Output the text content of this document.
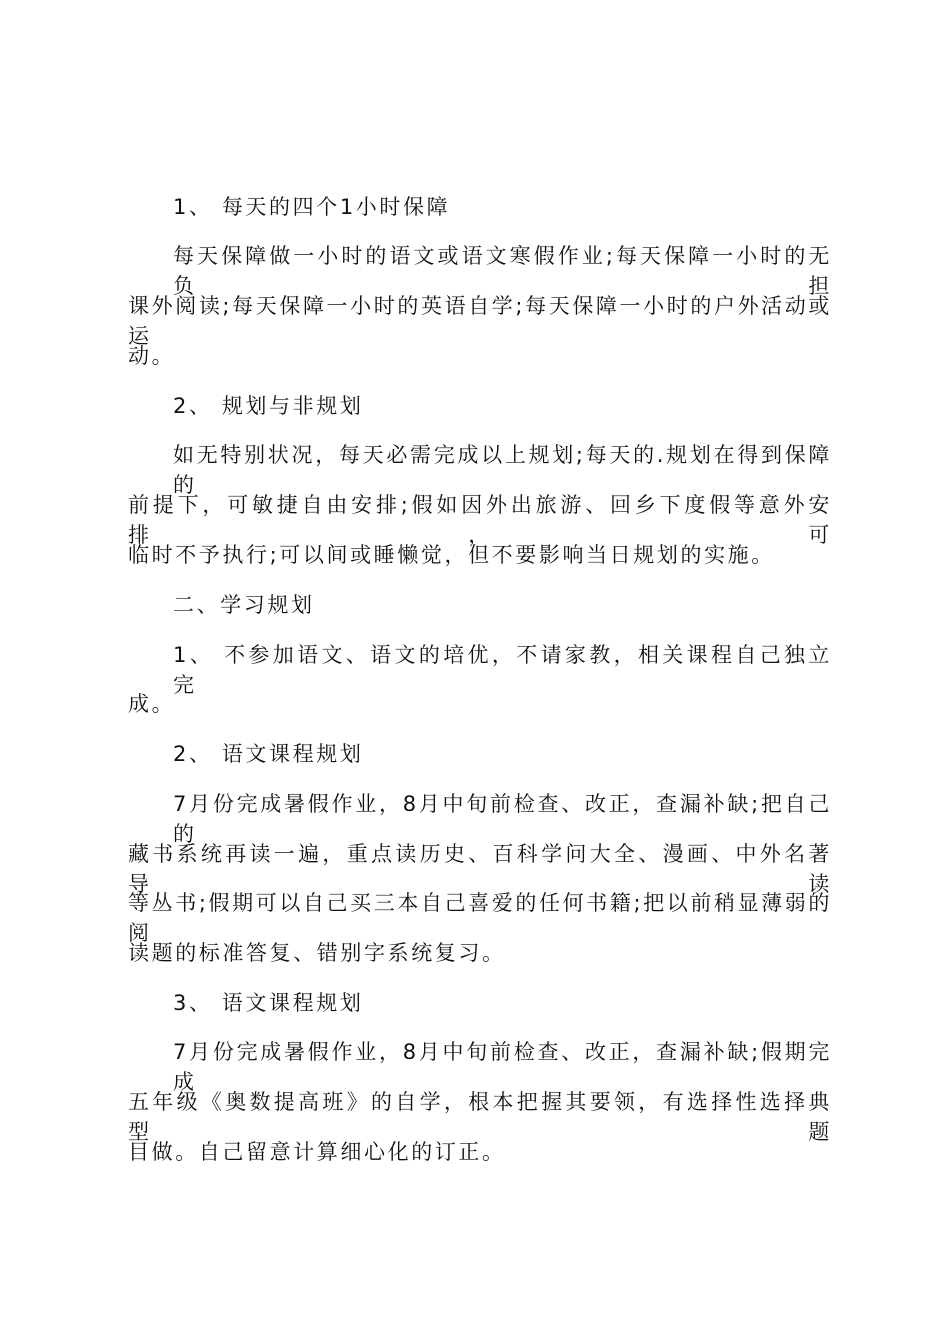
1、 每天的四个1小时保障
每天保障做一小时的语文或语文寒假作业;每天保障一小时的无负担
课外阅读;每天保障一小时的英语自学;每天保障一小时的户外活动或运
动。
2、 规划与非规划
如无特别状况，每天必需完成以上规划;每天的.规划在得到保障的
前提下，可敏捷自由安排;假如因外出旅游、回乡下度假等意外安排，可
临时不予执行;可以间或睡懒觉，但不要影响当日规划的实施。
二、学习规划
1、 不参加语文、语文的培优，不请家教，相关课程自己独立完
成。
2、 语文课程规划
7月份完成暑假作业，8月中旬前检查、改正，查漏补缺;把自己的
藏书系统再读一遍，重点读历史、百科学问大全、漫画、中外名著导读
等丛书;假期可以自己买三本自己喜爱的任何书籍;把以前稍显薄弱的阅
读题的标准答复、错别字系统复习。
3、 语文课程规划
7月份完成暑假作业，8月中旬前检查、改正，查漏补缺;假期完成
五年级《奥数提高班》的自学，根本把握其要领，有选择性选择典型题
目做。自己留意计算细心化的订正。
